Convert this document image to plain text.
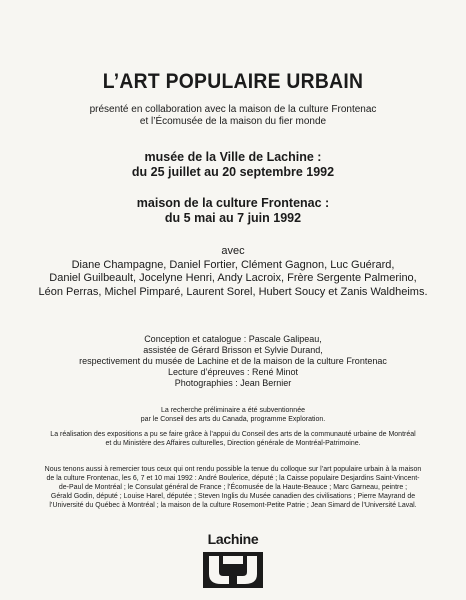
L’ART POPULAIRE URBAIN
présenté en collaboration avec la maison de la culture Frontenac
et l’Écomusée de la maison du fier monde
musée de la Ville de Lachine :
du 25 juillet au 20 septembre 1992
maison de la culture Frontenac :
du 5 mai au 7 juin 1992
avec
Diane Champagne, Daniel Fortier, Clément Gagnon, Luc Guérard,
Daniel Guilbeault, Jocelyne Henri, Andy Lacroix, Frère Sergente Palmerino,
Léon Perras, Michel Pimparé, Laurent Sorel, Hubert Soucy et Zanis Waldheims.
Conception et catalogue : Pascale Galipeau,
assistée de Gérard Brisson et Sylvie Durand,
respectivement du musée de Lachine et de la maison de la culture Frontenac
Lecture d’épreuves : René Minot
Photographies : Jean Bernier
La recherche préliminaire a été subventionnée
par le Conseil des arts du Canada, programme Exploration.
La réalisation des expositions a pu se faire grâce à l’appui du Conseil des arts de la communauté urbaine de Montréal
et du Ministère des Affaires culturelles, Direction générale de Montréal-Patrimoine.
Nous tenons aussi à remercier tous ceux qui ont rendu possible la tenue du colloque sur l’art populaire urbain à la maison
de la culture Frontenac, les 6, 7 et 10 mai 1992 : André Boulerice, député ; la Caisse populaire Desjardins Saint-Vincent-
de-Paul de Montréal ; le Consulat général de France ; l’Écomusée de la Haute-Beauce ; Marc Garneau, peintre ;
Gérald Godin, député ; Louise Harel, députée ; Steven Inglis du Musée canadien des civilisations ; Pierre Mayrand de
l’Université du Québec à Montréal ; la maison de la culture Rosemont-Petite Patrie ; Jean Simard de l’Université Laval.
Lachine
